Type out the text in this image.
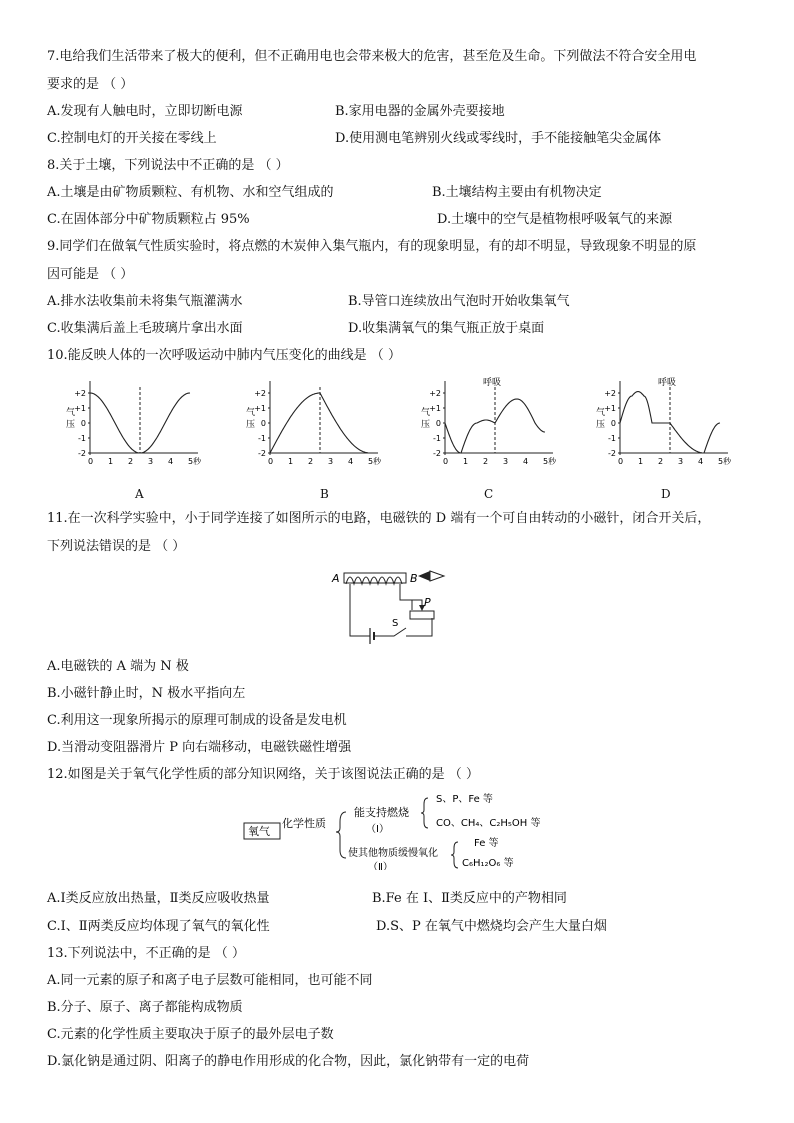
7.电给我们生活带来了极大的便利，但不正确用电也会带来极大的危害，甚至危及生命。下列做法不符合安全用电
要求的是 （ ）
A.发现有人触电时，立即切断电源	B.家用电器的金属外壳要接地
C.控制电灯的开关接在零线上	D.使用测电笔辨别火线或零线时，手不能接触笔尖金属体
8.关于土壤，下列说法中不正确的是 （ ）
A.土壤是由矿物质颗粒、有机物、水和空气组成的	B.土壤结构主要由有机物决定
C.在固体部分中矿物质颗粒占 95%	D.土壤中的空气是植物根呼吸氧气的来源
9.同学们在做氧气性质实验时，将点燃的木炭伸入集气瓶内，有的现象明显，有的却不明显，导致现象不明显的原
因可能是 （ ）
A.排水法收集前未将集气瓶灌满水	B.导管口连续放出气泡时开始收集氧气
C.收集满后盖上毛玻璃片拿出水面	D.收集满氧气的集气瓶正放于桌面
10.能反映人体的一次呼吸运动中肺内气压变化的曲线是 （ ）
+2
+1
0
-1
-2
气
压
0 1 2 3 4 5秒
+2
+1
0
-1
-2
气
压
0 1 2 3 4 5秒
+2
+1
0
-1
-2
气
压
0 1 2 3 4 5秒
呼吸
+2
+1
0
-1
-2
气
压
0 1 2 3 4 5秒
呼吸
A	B	C	D
11.在一次科学实验中，小于同学连接了如图所示的电路，电磁铁的 D 端有一个可自由转动的小磁针，闭合开关后，
下列说法错误的是 （ ）
A	B
S
P
A.电磁铁的 A 端为 N 极
B.小磁针静止时，N 极水平指向左
C.利用这一现象所揭示的原理可制成的设备是发电机
D.当滑动变阻器滑片 P 向右端移动，电磁铁磁性增强
12.如图是关于氧气化学性质的部分知识网络，关于该图说法正确的是 （ ）
氧气
化学性质
能支持燃烧
（Ⅰ）
S、P、Fe 等
CO、CH₄、C₂H₅OH 等
使其他物质缓慢氧化
（Ⅱ）
Fe 等
C₆H₁₂O₆ 等
A.Ⅰ类反应放出热量，Ⅱ类反应吸收热量	B.Fe 在 Ⅰ、Ⅱ类反应中的产物相同
C.Ⅰ、Ⅱ两类反应均体现了氧气的氧化性	D.S、P 在氧气中燃烧均会产生大量白烟
13.下列说法中，不正确的是 （ ）
A.同一元素的原子和离子电子层数可能相同，也可能不同
B.分子、原子、离子都能构成物质
C.元素的化学性质主要取决于原子的最外层电子数
D.氯化钠是通过阴、阳离子的静电作用形成的化合物，因此，氯化钠带有一定的电荷
